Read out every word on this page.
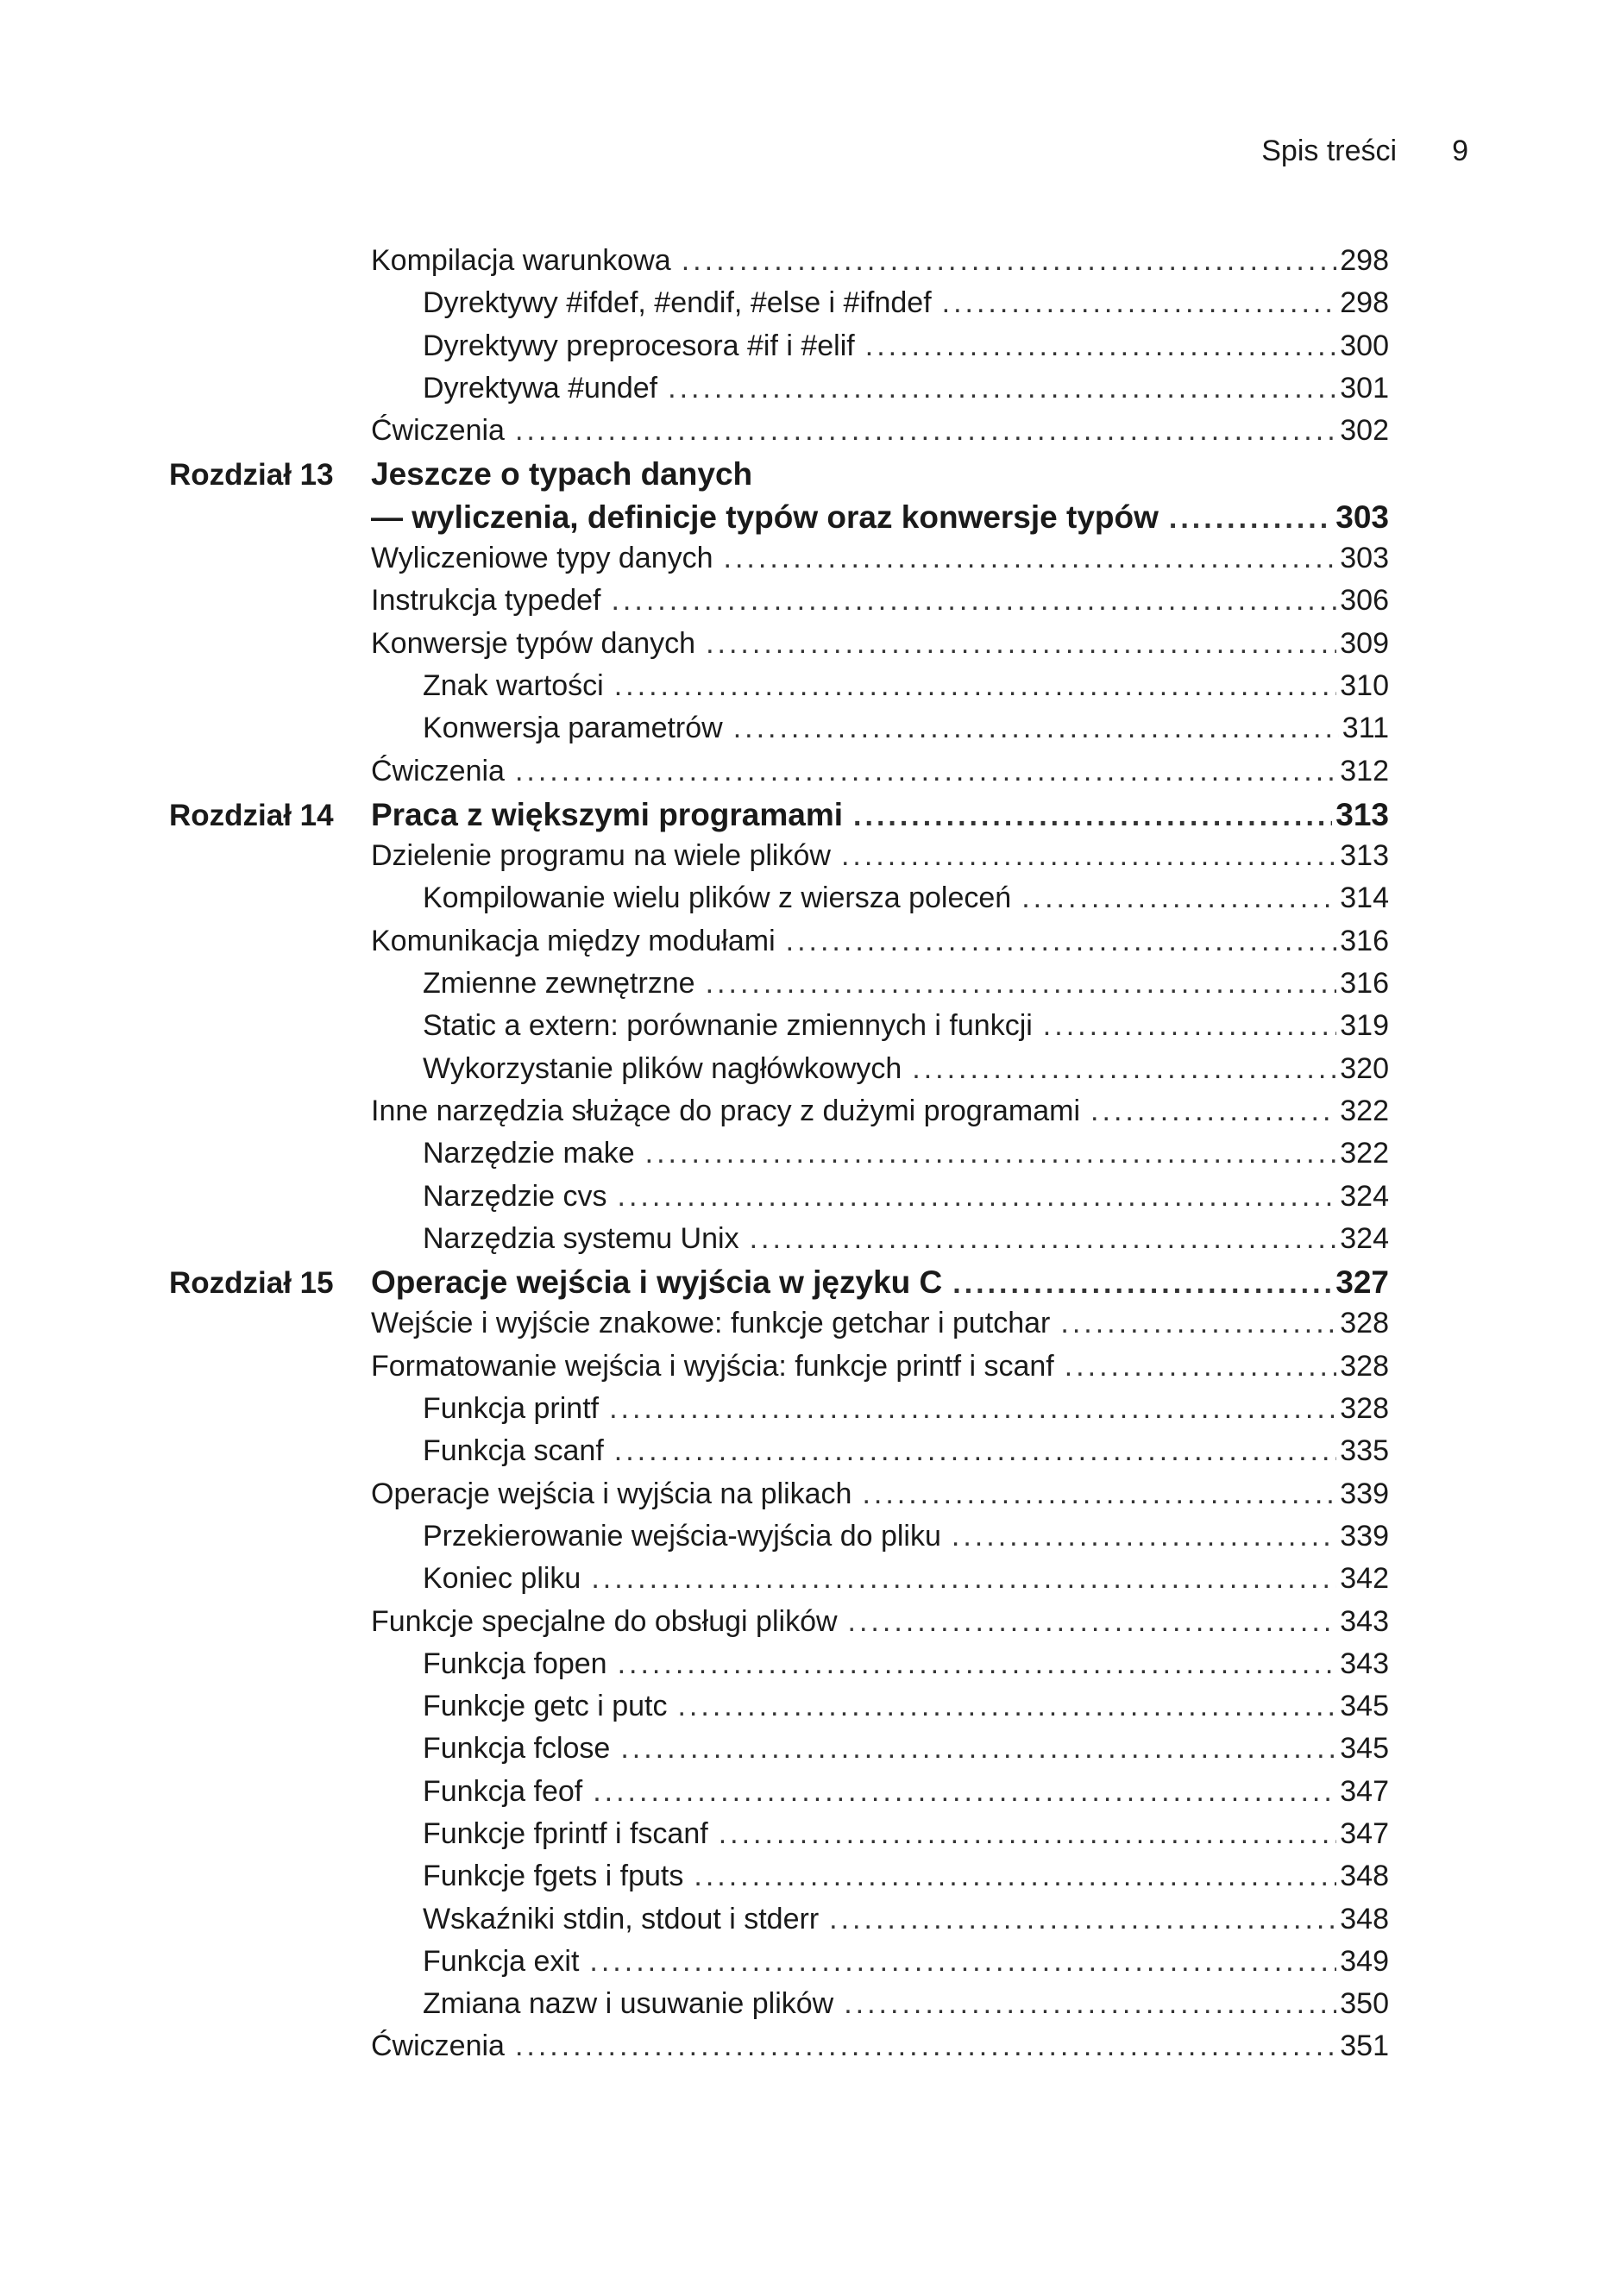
Spis treści 9
Kompilacja warunkowa .....	298
Dyrektywy #ifdef, #endif, #else i #ifndef .....	298
Dyrektywy preprocesora #if i #elif .....	300
Dyrektywa #undef .....	301
Ćwiczenia .....	302
Rozdział 13	Jeszcze o typach danych
— wyliczenia, definicje typów oraz konwersje typów .....	303
Wyliczeniowe typy danych .....	303
Instrukcja typedef .....	306
Konwersje typów danych .....	309
Znak wartości .....	310
Konwersja parametrów .....	311
Ćwiczenia .....	312
Rozdział 14	Praca z większymi programami .....	313
Dzielenie programu na wiele plików .....	313
Kompilowanie wielu plików z wiersza poleceń .....	314
Komunikacja między modułami .....	316
Zmienne zewnętrzne .....	316
Static a extern: porównanie zmiennych i funkcji .....	319
Wykorzystanie plików nagłówkowych .....	320
Inne narzędzia służące do pracy z dużymi programami .....	322
Narzędzie make .....	322
Narzędzie cvs .....	324
Narzędzia systemu Unix .....	324
Rozdział 15	Operacje wejścia i wyjścia w języku C .....	327
Wejście i wyjście znakowe: funkcje getchar i putchar .....	328
Formatowanie wejścia i wyjścia: funkcje printf i scanf .....	328
Funkcja printf .....	328
Funkcja scanf .....	335
Operacje wejścia i wyjścia na plikach .....	339
Przekierowanie wejścia-wyjścia do pliku .....	339
Koniec pliku .....	342
Funkcje specjalne do obsługi plików .....	343
Funkcja fopen .....	343
Funkcje getc i putc .....	345
Funkcja fclose .....	345
Funkcja feof .....	347
Funkcje fprintf i fscanf .....	347
Funkcje fgets i fputs .....	348
Wskaźniki stdin, stdout i stderr .....	348
Funkcja exit .....	349
Zmiana nazw i usuwanie plików .....	350
Ćwiczenia .....	351
